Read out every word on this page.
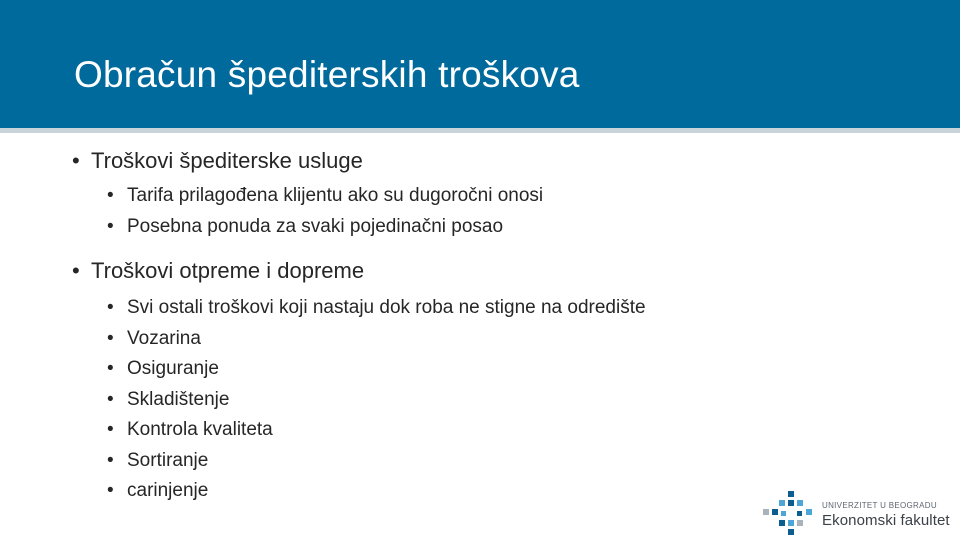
Obračun špediterskih troškova
• Troškovi špediterske usluge
• Tarifa prilagođena klijentu ako su dugoročni onosi
• Posebna ponuda za svaki pojedinačni posao
• Troškovi otpreme i dopreme
• Svi ostali troškovi koji nastaju dok roba ne stigne na odredište
• Vozarina
• Osiguranje
• Skladištenje
• Kontrola kvaliteta
• Sortiranje
• carinjenje
UNIVERZITET U BEOGRADU
Ekonomski fakultet
